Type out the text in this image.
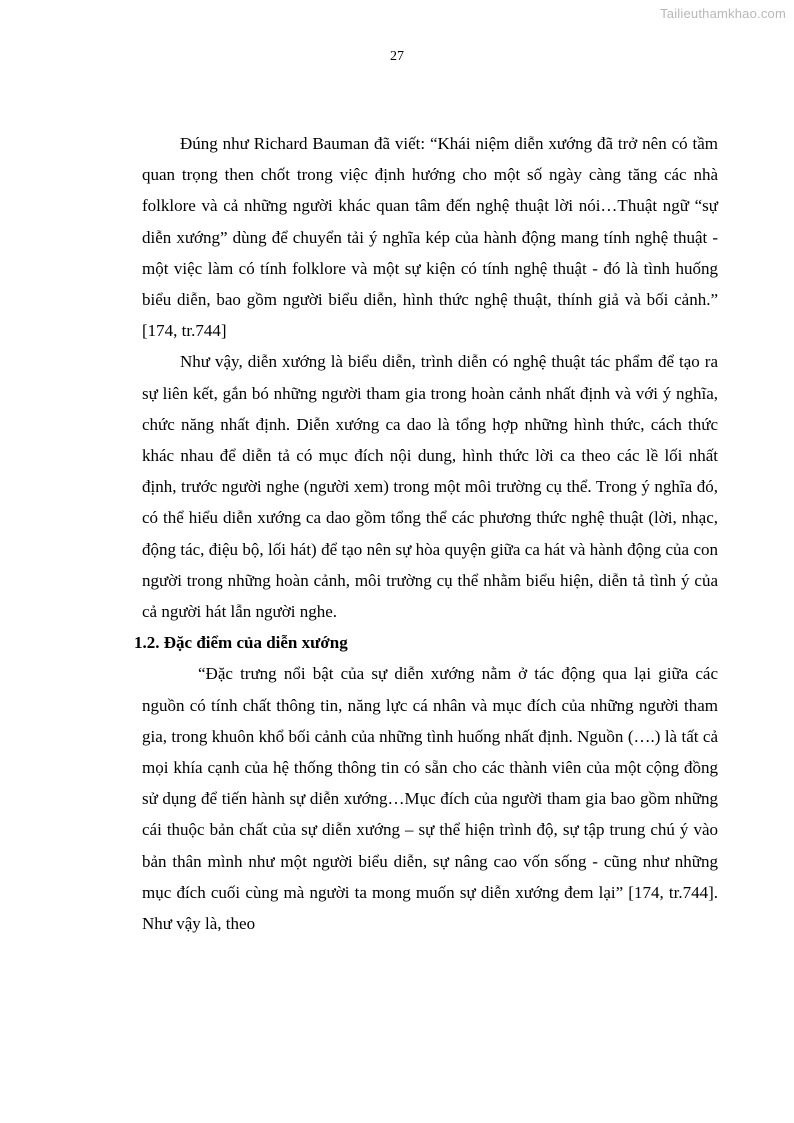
Tailieuthamkhao.com
27

Đúng như Richard Bauman đã viết: “Khái niệm diễn xướng đã trở nên có tầm quan trọng then chốt trong việc định hướng cho một số ngày càng tăng các nhà folklore và cả những người khác quan tâm đến nghệ thuật lời nói…Thuật ngữ “sự diễn xướng” dùng để chuyển tải ý nghĩa kép của hành động mang tính nghệ thuật - một việc làm có tính folklore và một sự kiện có tính nghệ thuật - đó là tình huống biểu diễn, bao gồm người biểu diễn, hình thức nghệ thuật, thính giả và bối cảnh.” [174, tr.744]

Như vậy, diễn xướng là biểu diễn, trình diễn có nghệ thuật tác phẩm để tạo ra sự liên kết, gắn bó những người tham gia trong hoàn cảnh nhất định và với ý nghĩa, chức năng nhất định. Diễn xướng ca dao là tổng hợp những hình thức, cách thức khác nhau để diễn tả có mục đích nội dung, hình thức lời ca theo các lề lối nhất định, trước người nghe (người xem) trong một môi trường cụ thể. Trong ý nghĩa đó, có thể hiểu diễn xướng ca dao gồm tổng thể các phương thức nghệ thuật (lời, nhạc, động tác, điệu bộ, lối hát) để tạo nên sự hòa quyện giữa ca hát và hành động của con người trong những hoàn cảnh, môi trường cụ thể nhằm biểu hiện, diễn tả tình ý của cả người hát lẫn người nghe.

1.2. Đặc điểm của diễn xướng

“Đặc trưng nổi bật của sự diễn xướng nằm ở tác động qua lại giữa các nguồn có tính chất thông tin, năng lực cá nhân và mục đích của những người tham gia, trong khuôn khổ bối cảnh của những tình huống nhất định. Nguồn (….) là tất cả mọi khía cạnh của hệ thống thông tin có sẵn cho các thành viên của một cộng đồng sử dụng để tiến hành sự diễn xướng…Mục đích của người tham gia bao gồm những cái thuộc bản chất của sự diễn xướng – sự thể hiện trình độ, sự tập trung chú ý vào bản thân mình như một người biểu diễn, sự nâng cao vốn sống - cũng như những mục đích cuối cùng mà người ta mong muốn sự diễn xướng đem lại” [174, tr.744]. Như vậy là, theo
